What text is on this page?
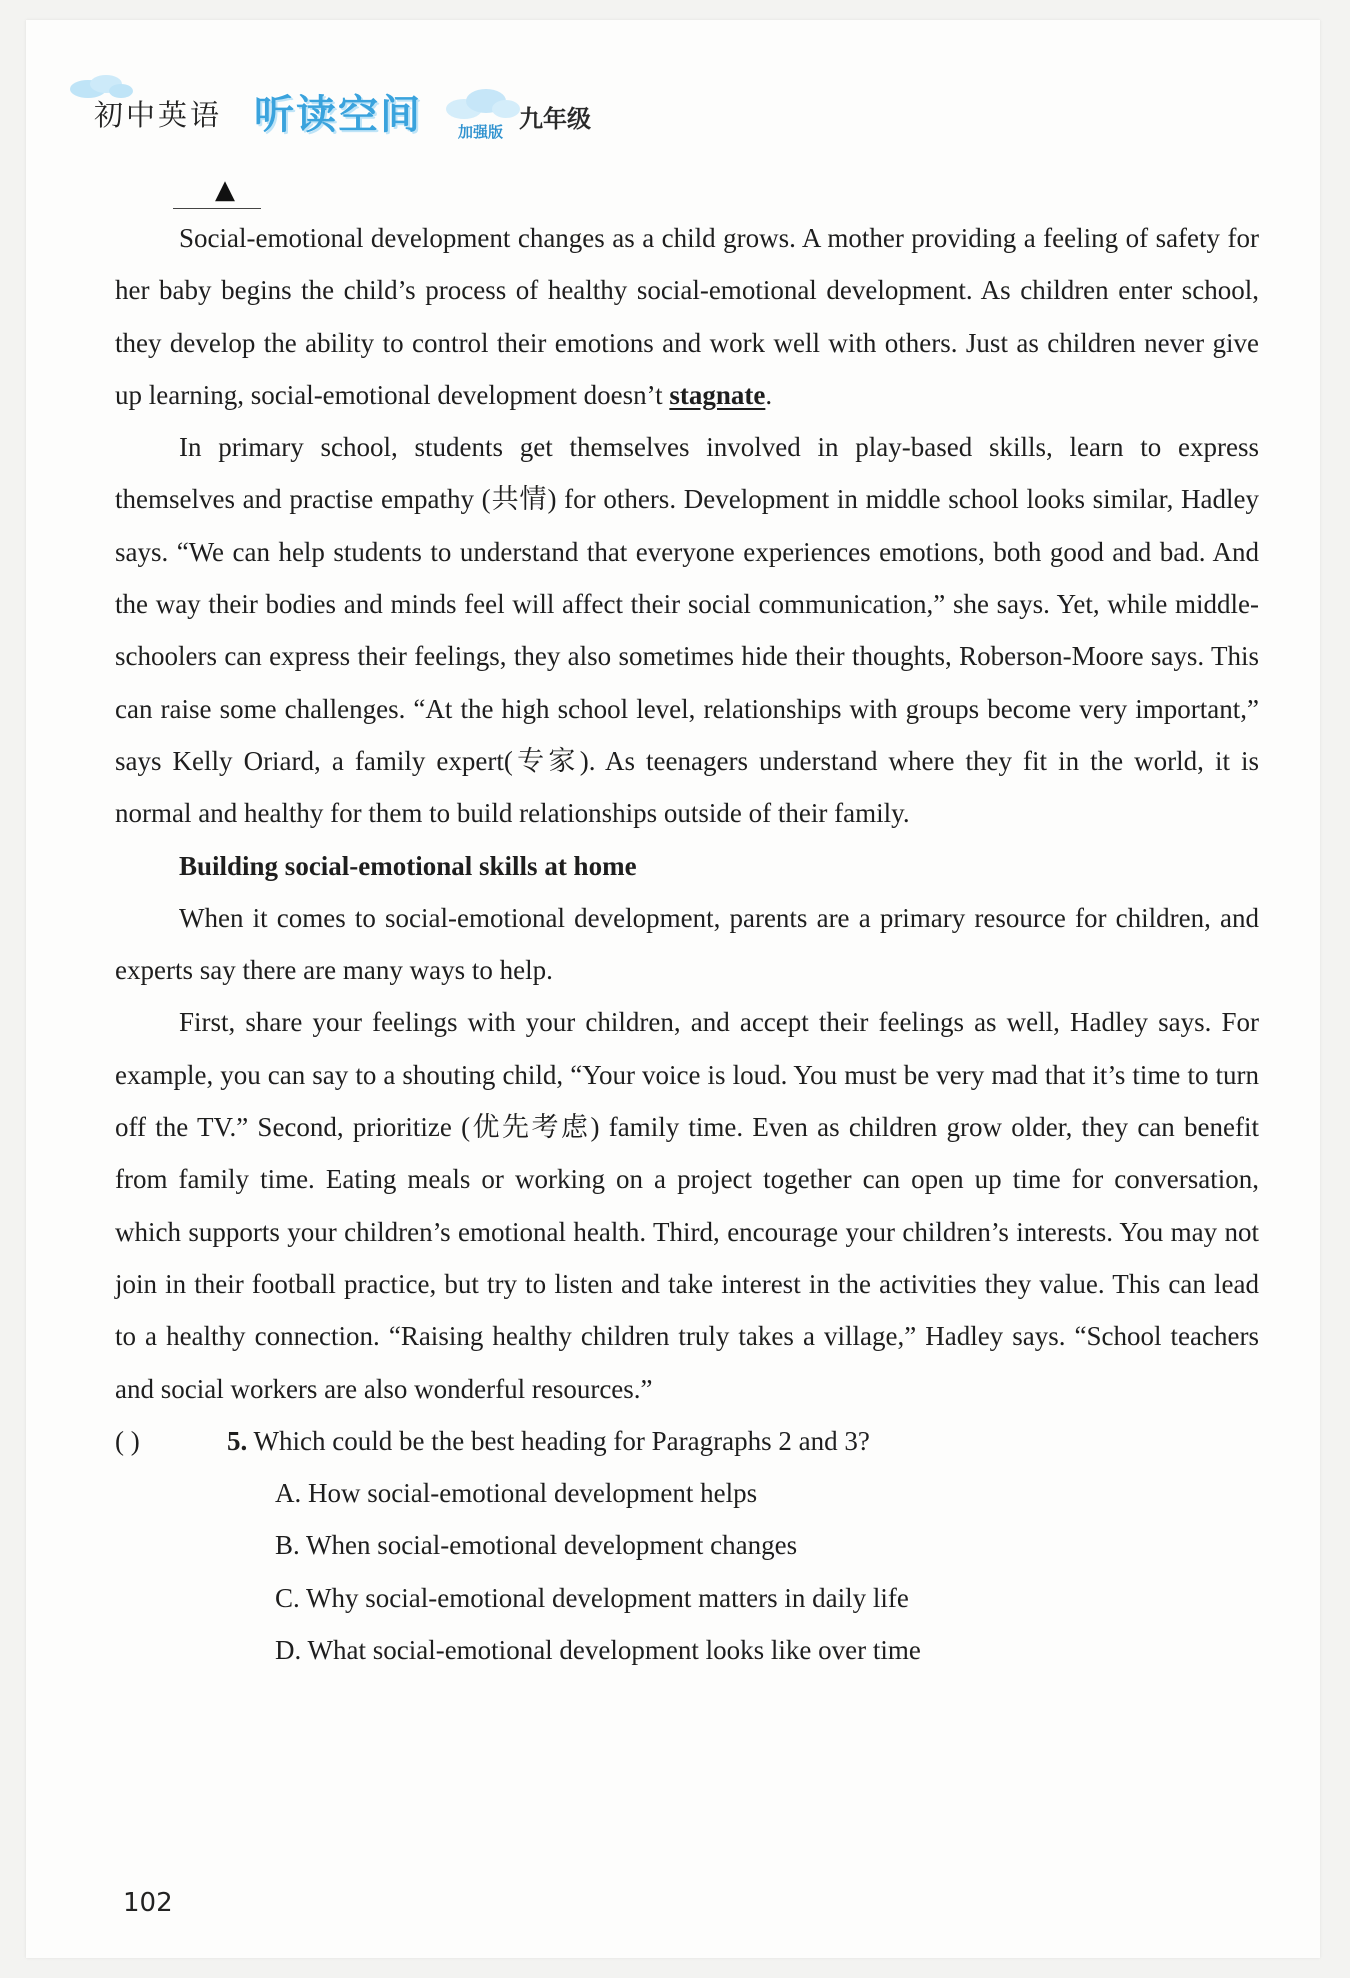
初中英语 听读空间 加强版 九年级
▲

Social-emotional development changes as a child grows. A mother providing a feeling of safety for her baby begins the child’s process of healthy social-emotional development. As children enter school, they develop the ability to control their emotions and work well with others. Just as children never give up learning, social-emotional development doesn’t stagnate.

In primary school, students get themselves involved in play-based skills, learn to express themselves and practise empathy (共情) for others. Development in middle school looks similar, Hadley says. “We can help students to understand that everyone experiences emotions, both good and bad. And the way their bodies and minds feel will affect their social communication,” she says. Yet, while middle-schoolers can express their feelings, they also sometimes hide their thoughts, Roberson-Moore says. This can raise some challenges. “At the high school level, relationships with groups become very important,” says Kelly Oriard, a family expert(专家). As teenagers understand where they fit in the world, it is normal and healthy for them to build relationships outside of their family.

Building social-emotional skills at home

When it comes to social-emotional development, parents are a primary resource for children, and experts say there are many ways to help.

First, share your feelings with your children, and accept their feelings as well, Hadley says. For example, you can say to a shouting child, “Your voice is loud. You must be very mad that it’s time to turn off the TV.” Second, prioritize (优先考虑) family time. Even as children grow older, they can benefit from family time. Eating meals or working on a project together can open up time for conversation, which supports your children’s emotional health. Third, encourage your children’s interests. You may not join in their football practice, but try to listen and take interest in the activities they value. This can lead to a healthy connection. “Raising healthy children truly takes a village,” Hadley says. “School teachers and social workers are also wonderful resources.”

( )	5. Which could be the best heading for Paragraphs 2 and 3?
A. How social-emotional development helps
B. When social-emotional development changes
C. Why social-emotional development matters in daily life
D. What social-emotional development looks like over time
102
